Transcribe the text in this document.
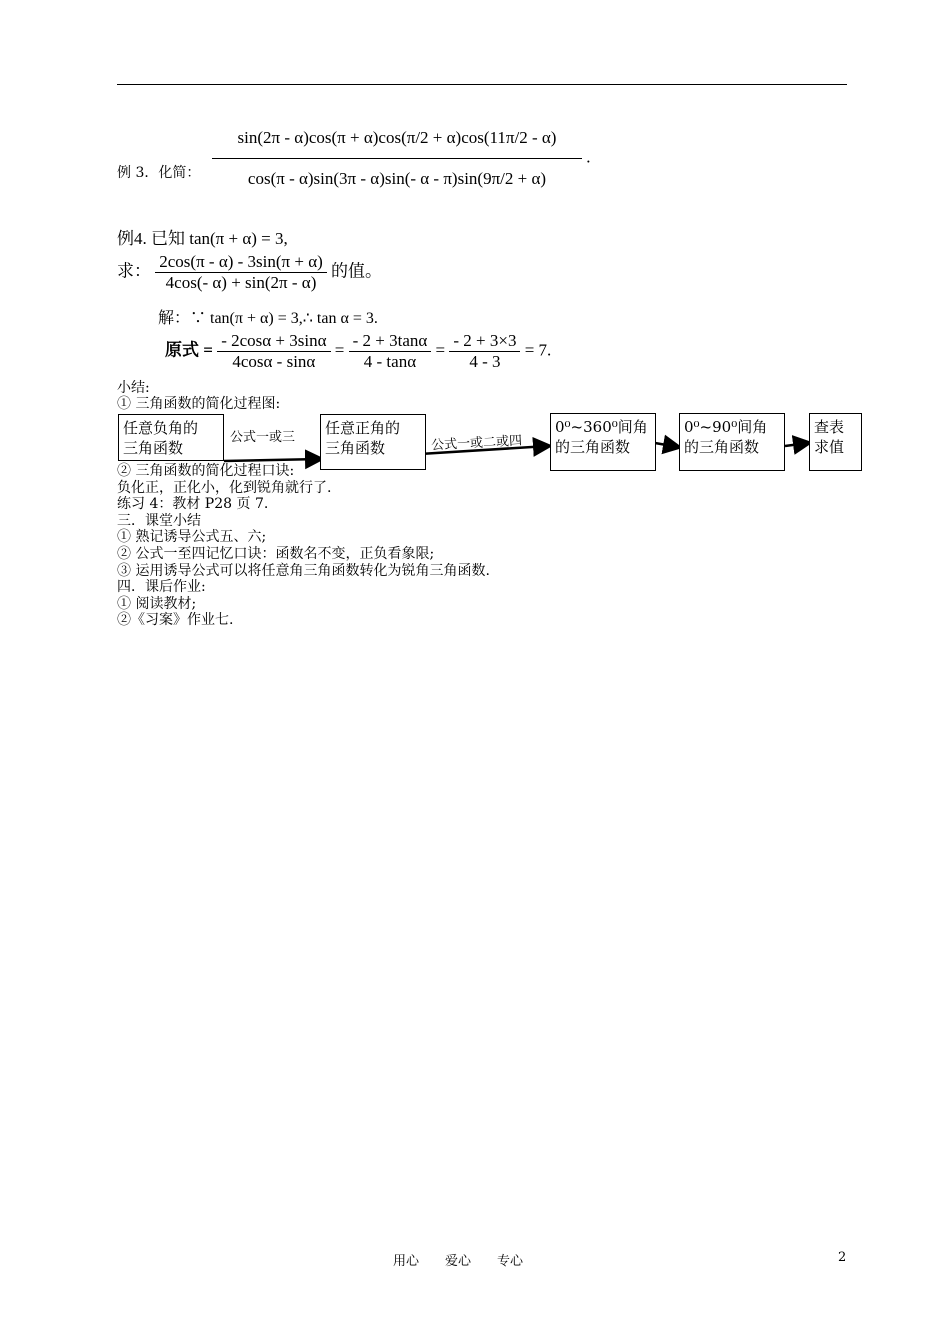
例 3．化简： $\frac{\sin(2\pi - \alpha)\cos(\pi + \alpha)\cos(\pi/2 + \alpha)\cos(11\pi/2 - \alpha)}{\cos(\pi - \alpha)\sin(3\pi - \alpha)\sin(- \alpha - \pi)\sin(9\pi/2 + \alpha)}$ .
例4. 已知 tan(π + α) = 3,
求： $\frac{2\cos(\pi - \alpha) - 3\sin(\pi + \alpha)}{4\cos(- \alpha) + \sin(2\pi - \alpha)}$ 的值。
解：∵ tan(π + α) = 3,∴ tan α = 3.
原式 = $\frac{- 2\cos\alpha + 3\sin\alpha}{4\cos\alpha - \sin\alpha} = \frac{- 2 + 3\tan\alpha}{4 - \tan\alpha} = \frac{- 2 + 3\times 3}{4 - 3} = 7$.
小结:
① 三角函数的简化过程图:
② 三角函数的简化过程口诀:
负化正，正化小，化到锐角就行了.
练习 4：教材 P28 页 7.
任意负角的
三角函数
公式一或三
任意正角的
三角函数	公式一或二或四
0⁰~360⁰间角
的三角函数
0⁰~90⁰间角
的三角函数
查表
求值
三．课堂小结
① 熟记诱导公式五、六;
② 公式一至四记忆口诀：函数名不变，正负看象限;
③ 运用诱导公式可以将任意角三角函数转化为锐角三角函数.
四．课后作业:
① 阅读教材;
②《习案》作业七.
用心　　爱心　　专心	2
